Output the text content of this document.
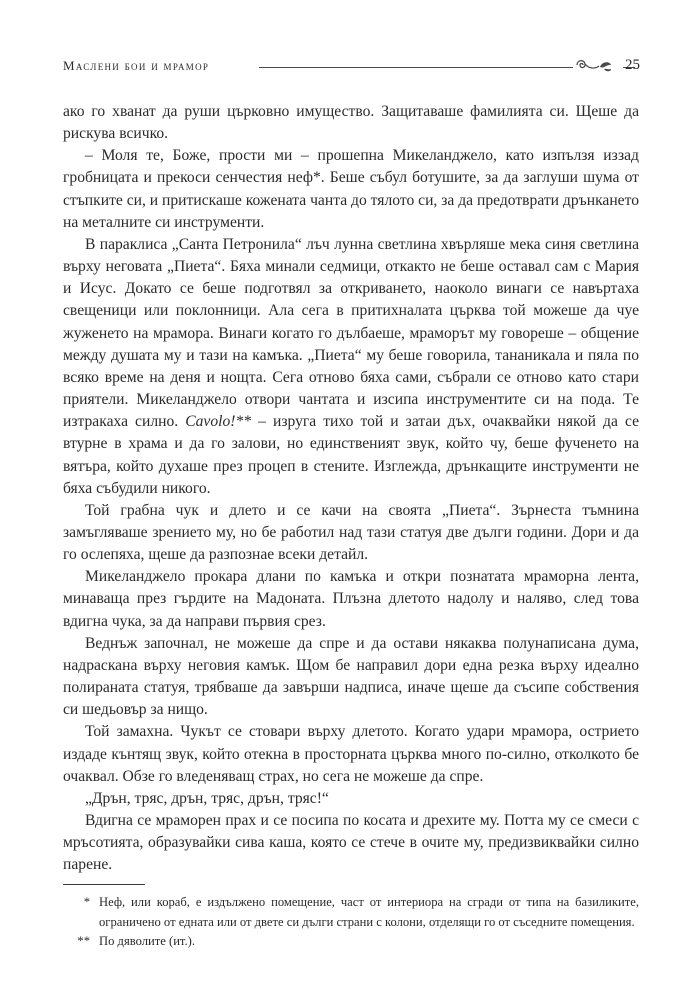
Маслени бои и мрамор	25

ако го хванат да руши църковно имущество. Защитаваше фамилията си. Щеше да рискува всичко.

– Моля те, Боже, прости ми – прошепна Микеланджело, като изпълзя иззад гробницата и прекоси сенчестия неф*. Беше събул ботушите, за да заглуши шума от стъпките си, и притискаше кожената чанта до тялото си, за да предотврати дрънкането на металните си инструменти.

В параклиса „Санта Петронила“ лъч лунна светлина хвърляше мека синя светлина върху неговата „Пиета“. Бяха минали седмици, откакто не беше оставал сам с Мария и Исус. Докато се беше подготвял за откриването, наоколо винаги се навъртаха свещеници или поклонници. Ала сега в притихналата църква той можеше да чуе жуженето на мрамора. Винаги когато го дълбаеше, мраморът му говореше – общение между душата му и тази на камъка. „Пиета“ му беше говорила, тананикала и пяла по всяко време на деня и нощта. Сега отново бяха сами, събрали се отново като стари приятели. Микеланджело отвори чантата и изсипа инструментите си на пода. Те изтракаха силно. Cavolo!** – изруга тихо той и затаи дъх, очаквайки някой да се втурне в храма и да го залови, но единственият звук, който чу, беше фученето на вятъра, който духаше през процеп в стените. Изглежда, дрънкащите инструменти не бяха събудили никого.

Той грабна чук и длето и се качи на своята „Пиета“. Зърнеста тъмнина замъгляваше зрението му, но бе работил над тази статуя две дълги години. Дори и да го ослепяха, щеше да разпознае всеки детайл.

Микеланджело прокара длани по камъка и откри познатата мраморна лента, минаваща през гърдите на Мадоната. Плъзна длетото надолу и наляво, след това вдигна чука, за да направи първия срез.

Веднъж започнал, не можеше да спре и да остави някаква полунаписана дума, надраскана върху неговия камък. Щом бе направил дори една резка върху идеално полираната статуя, трябваше да завърши надписа, иначе щеше да съсипе собствения си шедьовър за нищо.

Той замахна. Чукът се стовари върху длетото. Когато удари мрамора, острието издаде кънтящ звук, който отекна в просторната църква много по-силно, отколкото бе очаквал. Обзе го вледеняващ страх, но сега не можеше да спре.

„Дрън, тряс, дрън, тряс, дрън, тряс!“

Вдигна се мраморен прах и се посипа по косата и дрехите му. Потта му се смеси с мръсотията, образувайки сива каша, която се стече в очите му, предизвиквайки силно парене.

* Неф, или кораб, е издължено помещение, част от интериора на сгради от типа на базиликите, ограничено от едната или от двете си дълги страни с колони, отделящи го от съседните помещения.
** По дяволите (ит.).
